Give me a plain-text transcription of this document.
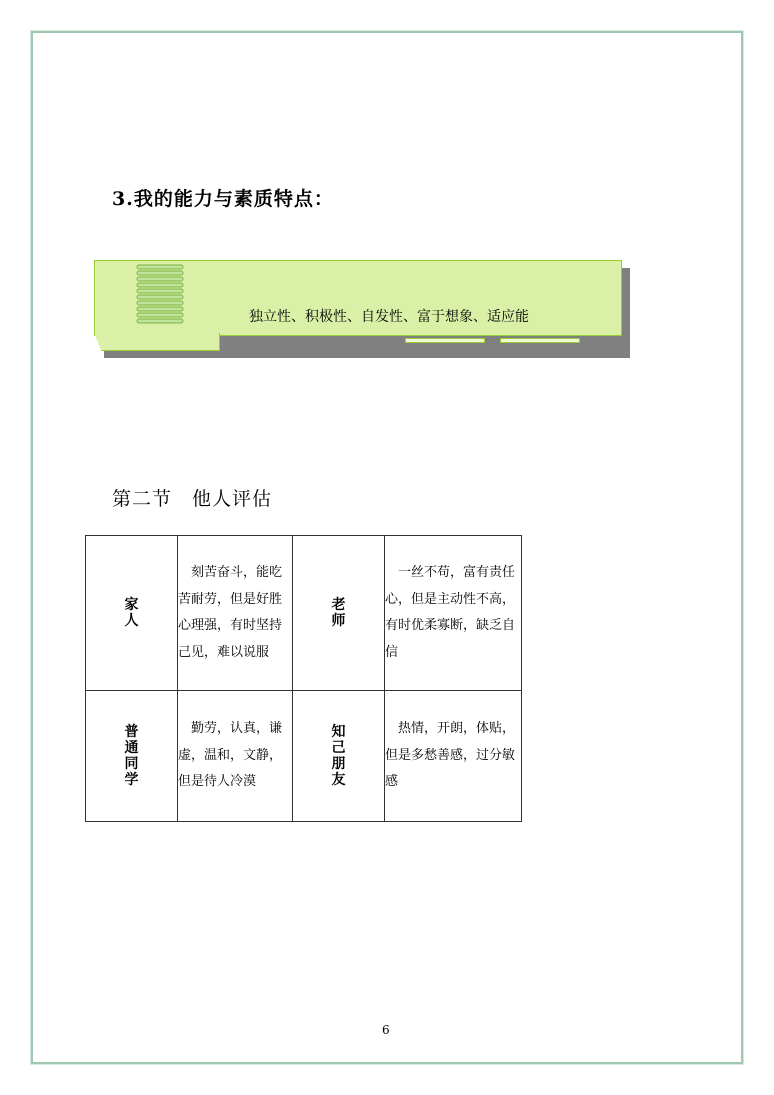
3.我的能力与素质特点：
独立性、积极性、自发性、富于想象、适应能
第二节　他人评估
家人	刻苦奋斗，能吃苦耐劳，但是好胜心理强，有时坚持己见，难以说服	老师	一丝不苟，富有责任心，但是主动性不高，有时优柔寡断，缺乏自信
普通同学	勤劳，认真，谦虚，温和，文静，但是待人冷漠	知己朋友	热情，开朗，体贴，但是多愁善感，过分敏感
6
